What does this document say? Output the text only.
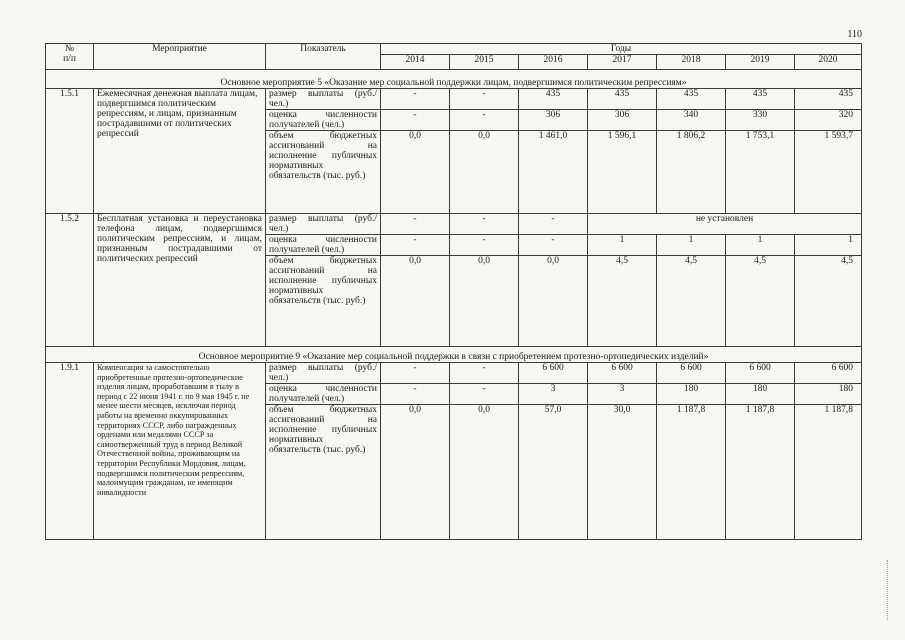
110
№
п/п	Мероприятие	Показатель	Годы						
			2014	2015	2016	2017	2018	2019	2020
Основное мероприятие 5 «Оказание мер социальной поддержки лицам, подвергшимся политическим репрессиям»									
1.5.1	Ежемесячная денежная выплата лицам, подвергшимся политическим репрессиям, и лицам, признанным пострадавшими от политических репрессий	размер выплаты (руб./ чел.)	-	-	435	435	435	435	435
		оценка численности получателей (чел.)	-	-	306	306	340	330	320
		объем бюджетных ассигнований на исполнение публичных нормативных обязательств (тыс. руб.)	0,0	0,0	1 461,0	1 596,1	1 806,2	1 753,1	1 593,7
1.5.2	Бесплатная установка и переустановка телефона лицам, подвергшимся политическим репрессиям, и лицам, признанным пострадавшими от политических репрессий	размер выплаты (руб./ чел.)	-	-	-	не установлен			
		оценка численности получателей (чел.)	-	-	-	1	1	1	1
		объем бюджетных ассигнований на исполнение публичных нормативных обязательств (тыс. руб.)	0,0	0,0	0,0	4,5	4,5	4,5	4,5
Основное мероприятие 9 «Оказание мер социальной поддержки в связи с приобретением протезно-ортопедических изделий»									
1.9.1	Компенсация за самостоятельно приобретенные протезно-ортопедические изделия лицам, проработавшим в тылу в период с 22 июня 1941 г. по 9 мая 1945 г. не менее шести месяцев, исключая период работы на временно оккупированных территориях СССР, либо награжденных орденами или медалями СССР за самоотверженный труд в период Великой Отечественной войны, проживающим на территории Республики Мордовия, лицам, подвергшимся политическим репрессиям, малоимущим гражданам, не имеющим инвалидности	размер выплаты (руб./ чел.)	-	-	6 600	6 600	6 600	6 600	6 600
		оценка численности получателей (чел.)	-	-	3	3	180	180	180
		объем бюджетных ассигнований на исполнение публичных нормативных обязательств (тыс. руб.)	0,0	0,0	57,0	30,0	1 187,8	1 187,8	1 187,8
